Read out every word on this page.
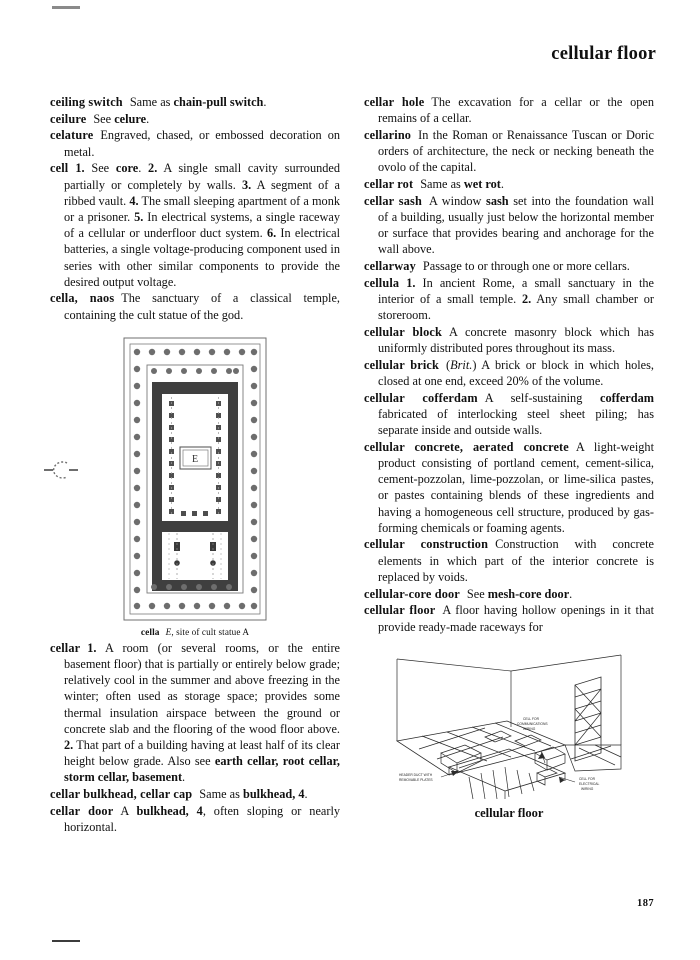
cellular floor

ceiling switch Same as chain-pull switch.

ceilure See celure.

celature Engraved, chased, or embossed decoration on metal.

cell 1. See core. 2. A single small cavity surrounded partially or completely by walls. 3. A segment of a ribbed vault. 4. The small sleeping apartment of a monk or a prisoner. 5. In electrical systems, a single raceway of a cellular or underfloor duct system. 6. In electrical batteries, a single voltage-producing component used in series with other similar components to provide the desired output voltage.

cella, naos The sanctuary of a classical temple, containing the cult statue of the god.

E
cella E, site of cult statue A

cellar 1. A room (or several rooms, or the entire basement floor) that is partially or entirely below grade; relatively cool in the summer and above freezing in the winter; often used as storage space; provides some thermal insulation airspace between the ground or concrete slab and the flooring of the wood floor above. 2. That part of a building having at least half of its clear height below grade. Also see earth cellar, root cellar, storm cellar, basement.

cellar bulkhead, cellar cap Same as bulkhead, 4.

cellar door A bulkhead, 4, often sloping or nearly horizontal.

cellar hole The excavation for a cellar or the open remains of a cellar.

cellarino In the Roman or Renaissance Tuscan or Doric orders of architecture, the neck or necking beneath the ovolo of the capital.

cellar rot Same as wet rot.

cellar sash A window sash set into the foundation wall of a building, usually just below the horizontal member or surface that provides bearing and anchorage for the wall above.

cellarway Passage to or through one or more cellars.

cellula 1. In ancient Rome, a small sanctuary in the interior of a small temple. 2. Any small chamber or storeroom.

cellular block A concrete masonry block which has uniformly distributed pores throughout its mass.

cellular brick (Brit.) A brick or block in which holes, closed at one end, exceed 20% of the volume.

cellular cofferdam A self-sustaining cofferdam fabricated of interlocking steel sheet piling; has separate inside and outside walls.

cellular concrete, aerated concrete A light-weight product consisting of portland cement, cement-silica, cement-pozzolan, lime-pozzolan, or lime-silica pastes, or pastes containing blends of these ingredients and having a homogeneous cell structure, produced by gas-forming chemicals or foaming agents.

cellular construction Construction with concrete elements in which part of the interior concrete is replaced by voids.

cellular-core door See mesh-core door.

cellular floor A floor having hollow openings in it that provide ready-made raceways for

HEADER DUCT WITH
REMOVABLE PLATES
CELL FOR
COMMUNICATIONS
WIRING
CELL FOR
ELECTRICAL
WIRING
cellular floor
187
